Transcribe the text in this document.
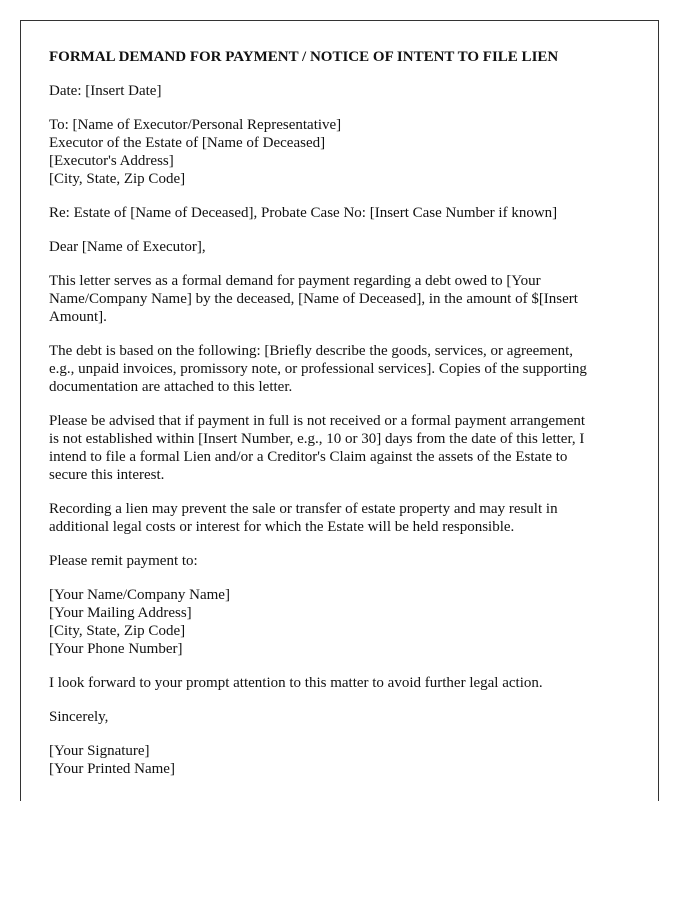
FORMAL DEMAND FOR PAYMENT / NOTICE OF INTENT TO FILE LIEN
Date: [Insert Date]
To: [Name of Executor/Personal Representative]
Executor of the Estate of [Name of Deceased]
[Executor's Address]
[City, State, Zip Code]
Re: Estate of [Name of Deceased], Probate Case No: [Insert Case Number if known]
Dear [Name of Executor],
This letter serves as a formal demand for payment regarding a debt owed to [Your
Name/Company Name] by the deceased, [Name of Deceased], in the amount of $[Insert
Amount].
The debt is based on the following: [Briefly describe the goods, services, or agreement,
e.g., unpaid invoices, promissory note, or professional services]. Copies of the supporting
documentation are attached to this letter.
Please be advised that if payment in full is not received or a formal payment arrangement
is not established within [Insert Number, e.g., 10 or 30] days from the date of this letter, I
intend to file a formal Lien and/or a Creditor's Claim against the assets of the Estate to
secure this interest.
Recording a lien may prevent the sale or transfer of estate property and may result in
additional legal costs or interest for which the Estate will be held responsible.
Please remit payment to:
[Your Name/Company Name]
[Your Mailing Address]
[City, State, Zip Code]
[Your Phone Number]
I look forward to your prompt attention to this matter to avoid further legal action.
Sincerely,
[Your Signature]
[Your Printed Name]
